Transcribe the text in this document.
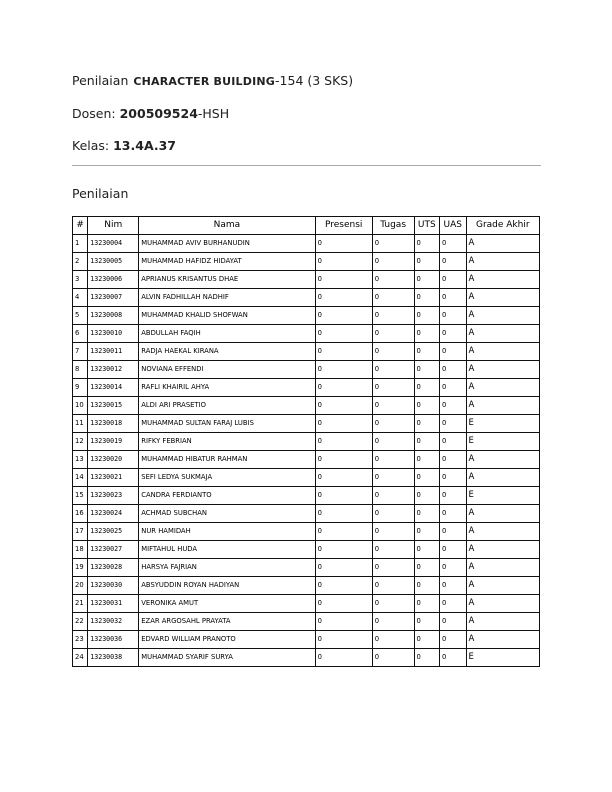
Penilaian CHARACTER BUILDING-154 (3 SKS)
Dosen: 200509524-HSH
Kelas: 13.4A.37
Penilaian
#	Nim	Nama	Presensi	Tugas	UTS	UAS	Grade Akhir
1	13230004	MUHAMMAD AVIV BURHANUDIN	0	0	0	0	A
2	13230005	MUHAMMAD HAFIDZ HIDAYAT	0	0	0	0	A
3	13230006	APRIANUS KRISANTUS DHAE	0	0	0	0	A
4	13230007	ALVIN FADHILLAH NADHIF	0	0	0	0	A
5	13230008	MUHAMMAD KHALID SHOFWAN	0	0	0	0	A
6	13230010	ABDULLAH FAQIH	0	0	0	0	A
7	13230011	RADJA HAEKAL KIRANA	0	0	0	0	A
8	13230012	NOVIANA EFFENDI	0	0	0	0	A
9	13230014	RAFLI KHAIRIL AHYA	0	0	0	0	A
10	13230015	ALDI ARI PRASETIO	0	0	0	0	A
11	13230018	MUHAMMAD SULTAN FARAJ LUBIS	0	0	0	0	E
12	13230019	RIFKY FEBRIAN	0	0	0	0	E
13	13230020	MUHAMMAD HIBATUR RAHMAN	0	0	0	0	A
14	13230021	SEFI LEDYA SUKMAJA	0	0	0	0	A
15	13230023	CANDRA FERDIANTO	0	0	0	0	E
16	13230024	ACHMAD SUBCHAN	0	0	0	0	A
17	13230025	NUR HAMIDAH	0	0	0	0	A
18	13230027	MIFTAHUL HUDA	0	0	0	0	A
19	13230028	HARSYA FAJRIAN	0	0	0	0	A
20	13230030	ABSYUDDIN ROYAN HADIYAN	0	0	0	0	A
21	13230031	VERONIKA AMUT	0	0	0	0	A
22	13230032	EZAR ARGOSAHL PRAYATA	0	0	0	0	A
23	13230036	EDVARD WILLIAM PRANOTO	0	0	0	0	A
24	13230038	MUHAMMAD SYARIF SURYA	0	0	0	0	E
